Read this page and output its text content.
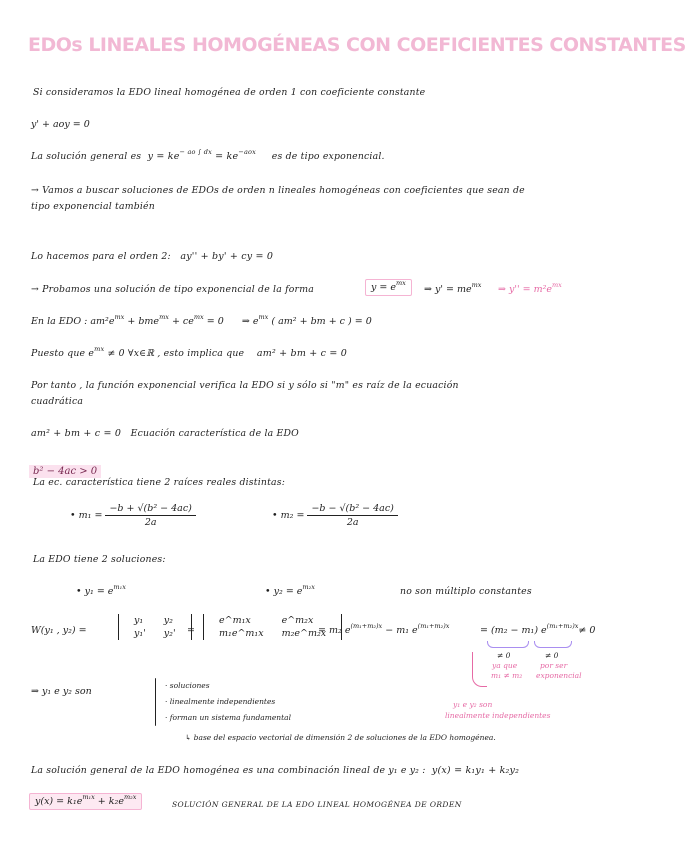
EDOs LINEALES HOMOGÉNEAS CON COEFICIENTES CONSTANTES
Si consideramos la EDO lineal homogénea de orden 1 con coeficiente constante
y' + aoy = 0
La solución general es $y = ke^{- ao \int dx} = ke^{-aox}$ es de tipo exponencial.
→ Vamos a buscar soluciones de EDOs de orden n lineales homogéneas con coeficientes que sean de
tipo exponencial también
Lo hacemos para el orden 2: ay'' + by' + cy = 0
→ Probamos una solución de tipo exponencial de la forma	$y = e^{mx}$
⇒ $y' = me^{mx}$ ⇒ $y'' = m^2e^{mx}$
En la EDO : $am^2e^{mx} + bme^{mx} + ce^{mx} = 0$ ⇒ $e^{mx}$ ( am² + bm + c ) = 0
Puesto que $e^{mx} \ne 0$ ∀x∈ℝ , esto implica que am² + bm + c = 0
Por tanto , la función exponencial verifica la EDO si y sólo si "m" es raíz de la ecuación
cuadrática
am² + bm + c = 0 Ecuación característica de la EDO
b² − 4ac > 0
La ec. característica tiene 2 raíces reales distintas:
• $m_1 = \frac{\text{−b + √(b² − 4ac)}}{2a}$	• $m_2 = \frac{\text{−b − √(b² − 4ac)}}{2a}$
La EDO tiene 2 soluciones:
• $y_1 = e^{m_1x}$	• $y_2 = e^{m_2x}$	no son múltiplo constantes
W(y₁ , y₂) =
y₁	y₂
y₁'	y₂' =
e^m₁x	e^m₂x
m₁e^m₁x	m₂e^m₂x
= m₂ $e^{(m_1+m_2)x} - m_1$ $e^{(m_1+m_2)x}$	= (m₂ − m₁) $e^{(m_1+m_2)x}\ne 0$
≠ 0
ya que
m₁ ≠ m₂
≠ 0
por ser
exponencial
⇒ y₁ e y₂ son
· soluciones
· linealmente independientes
· forman un sistema fundamental
↳ base del espacio vectorial de dimensión 2 de soluciones de la EDO homogénea.
y₁ e y₂ son
linealmente independientes
La solución general de la EDO homogénea es una combinación lineal de y₁ e y₂ : y(x) = k₁y₁ + k₂y₂
$y(x) = k_1e^{m_1x} + k_2e^{m_2x}$
SOLUCIÓN GENERAL DE LA EDO LINEAL HOMOGÉNEA DE ORDEN
